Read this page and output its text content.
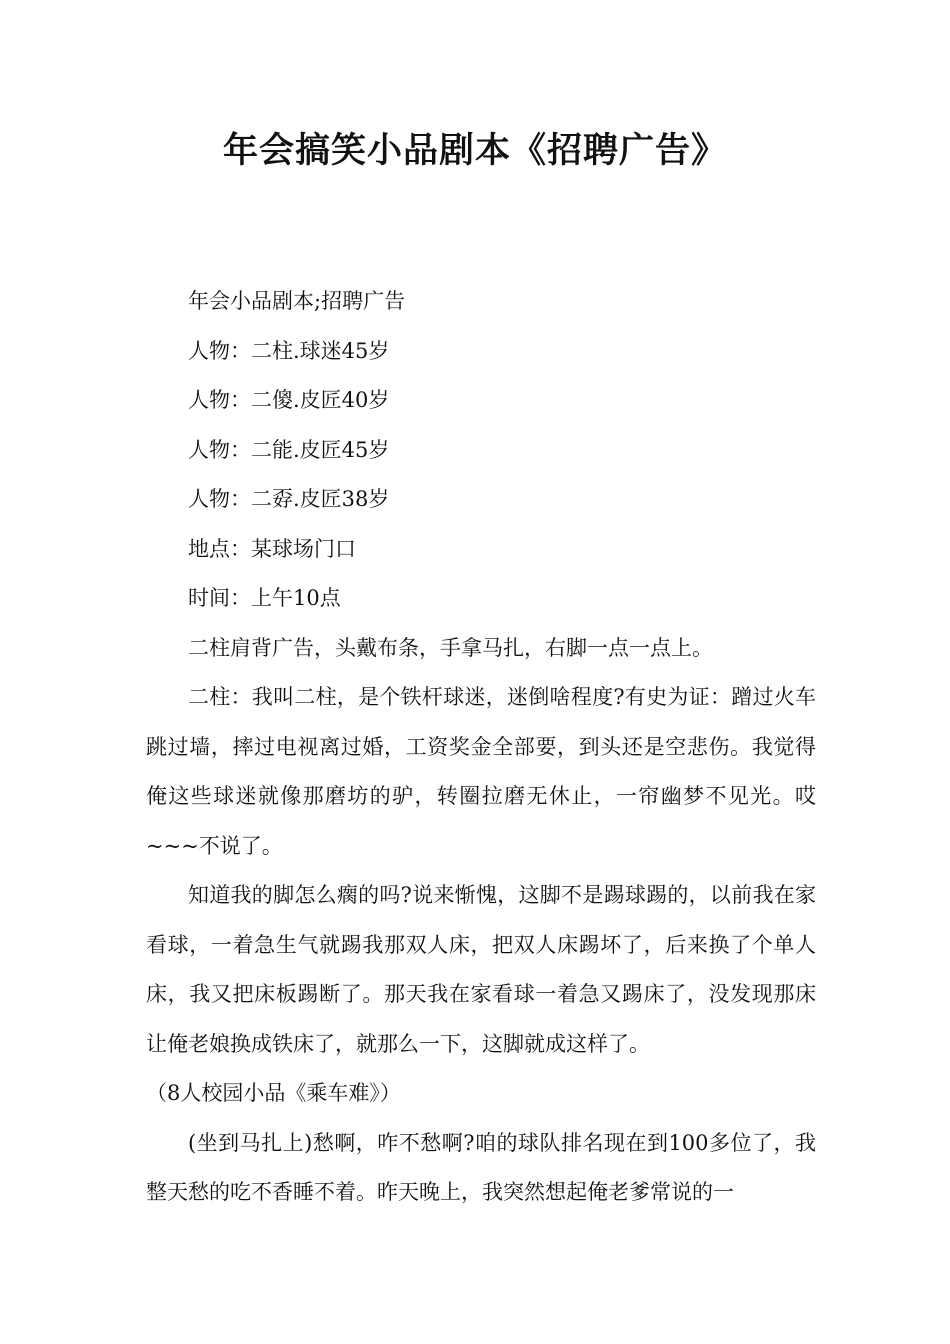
年会搞笑小品剧本《招聘广告》

年会小品剧本;招聘广告

人物：二柱.球迷45岁

人物：二傻.皮匠40岁

人物：二能.皮匠45岁

人物：二孬.皮匠38岁

地点：某球场门口

时间：上午10点

二柱肩背广告，头戴布条，手拿马扎，右脚一点一点上。

二柱：我叫二柱，是个铁杆球迷，迷倒啥程度?有史为证：蹭过火车跳过墙，摔过电视离过婚，工资奖金全部要，到头还是空悲伤。我觉得俺这些球迷就像那磨坊的驴，转圈拉磨无休止，一帘幽梦不见光。哎~~~不说了。

知道我的脚怎么瘸的吗?说来惭愧，这脚不是踢球踢的，以前我在家看球，一着急生气就踢我那双人床，把双人床踢坏了，后来换了个单人床，我又把床板踢断了。那天我在家看球一着急又踢床了，没发现那床让俺老娘换成铁床了，就那么一下，这脚就成这样了。

（8人校园小品《乘车难》）

(坐到马扎上)愁啊，咋不愁啊?咱的球队排名现在到100多位了，我整天愁的吃不香睡不着。昨天晚上，我突然想起俺老爹常说的一
